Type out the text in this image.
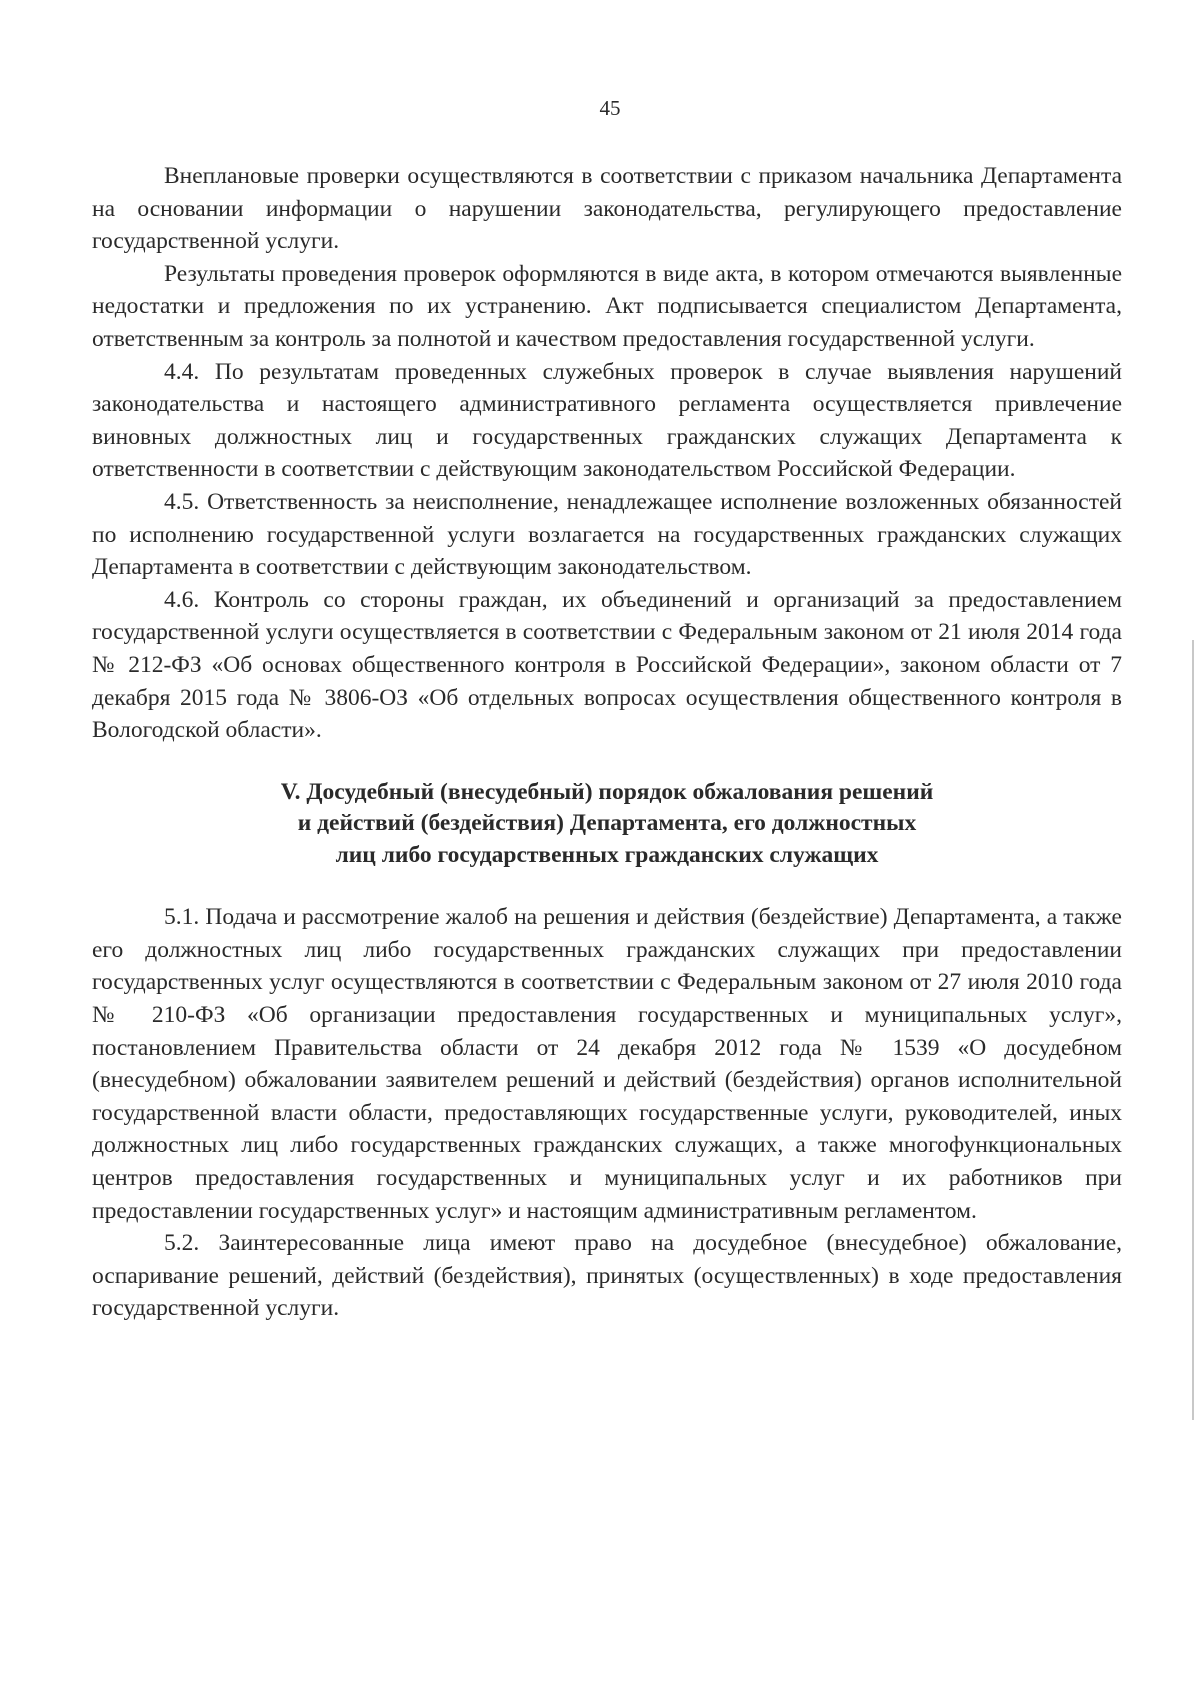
45

Внеплановые проверки осуществляются в соответствии с приказом начальника Департамента на основании информации о нарушении законодательства, регулирующего предоставление государственной услуги.

Результаты проведения проверок оформляются в виде акта, в котором отмечаются выявленные недостатки и предложения по их устранению. Акт подписывается специалистом Департамента, ответственным за контроль за полнотой и качеством предоставления государственной услуги.

4.4. По результатам проведенных служебных проверок в случае выявления нарушений законодательства и настоящего административного регламента осуществляется привлечение виновных должностных лиц и государственных гражданских служащих Департамента к ответственности в соответствии с действующим законодательством Российской Федерации.

4.5. Ответственность за неисполнение, ненадлежащее исполнение возложенных обязанностей по исполнению государственной услуги возлагается на государственных гражданских служащих Департамента в соответствии с действующим законодательством.

4.6. Контроль со стороны граждан, их объединений и организаций за предоставлением государственной услуги осуществляется в соответствии с Федеральным законом от 21 июля 2014 года № 212-ФЗ «Об основах общественного контроля в Российской Федерации», законом области от 7 декабря 2015 года № 3806-ОЗ «Об отдельных вопросах осуществления общественного контроля в Вологодской области».

V. Досудебный (внесудебный) порядок обжалования решений
и действий (бездействия) Департамента, его должностных
лиц либо государственных гражданских служащих

5.1. Подача и рассмотрение жалоб на решения и действия (бездействие) Департамента, а также его должностных лиц либо государственных гражданских служащих при предоставлении государственных услуг осуществляются в соответствии с Федеральным законом от 27 июля 2010 года № 210-ФЗ «Об организации предоставления государственных и муниципальных услуг», постановлением Правительства области от 24 декабря 2012 года № 1539 «О досудебном (внесудебном) обжаловании заявителем решений и действий (бездействия) органов исполнительной государственной власти области, предоставляющих государственные услуги, руководителей, иных должностных лиц либо государственных гражданских служащих, а также многофункциональных центров предоставления государственных и муниципальных услуг и их работников при предоставлении государственных услуг» и настоящим административным регламентом.

5.2. Заинтересованные лица имеют право на досудебное (внесудебное) обжалование, оспаривание решений, действий (бездействия), принятых (осуществленных) в ходе предоставления государственной услуги.
